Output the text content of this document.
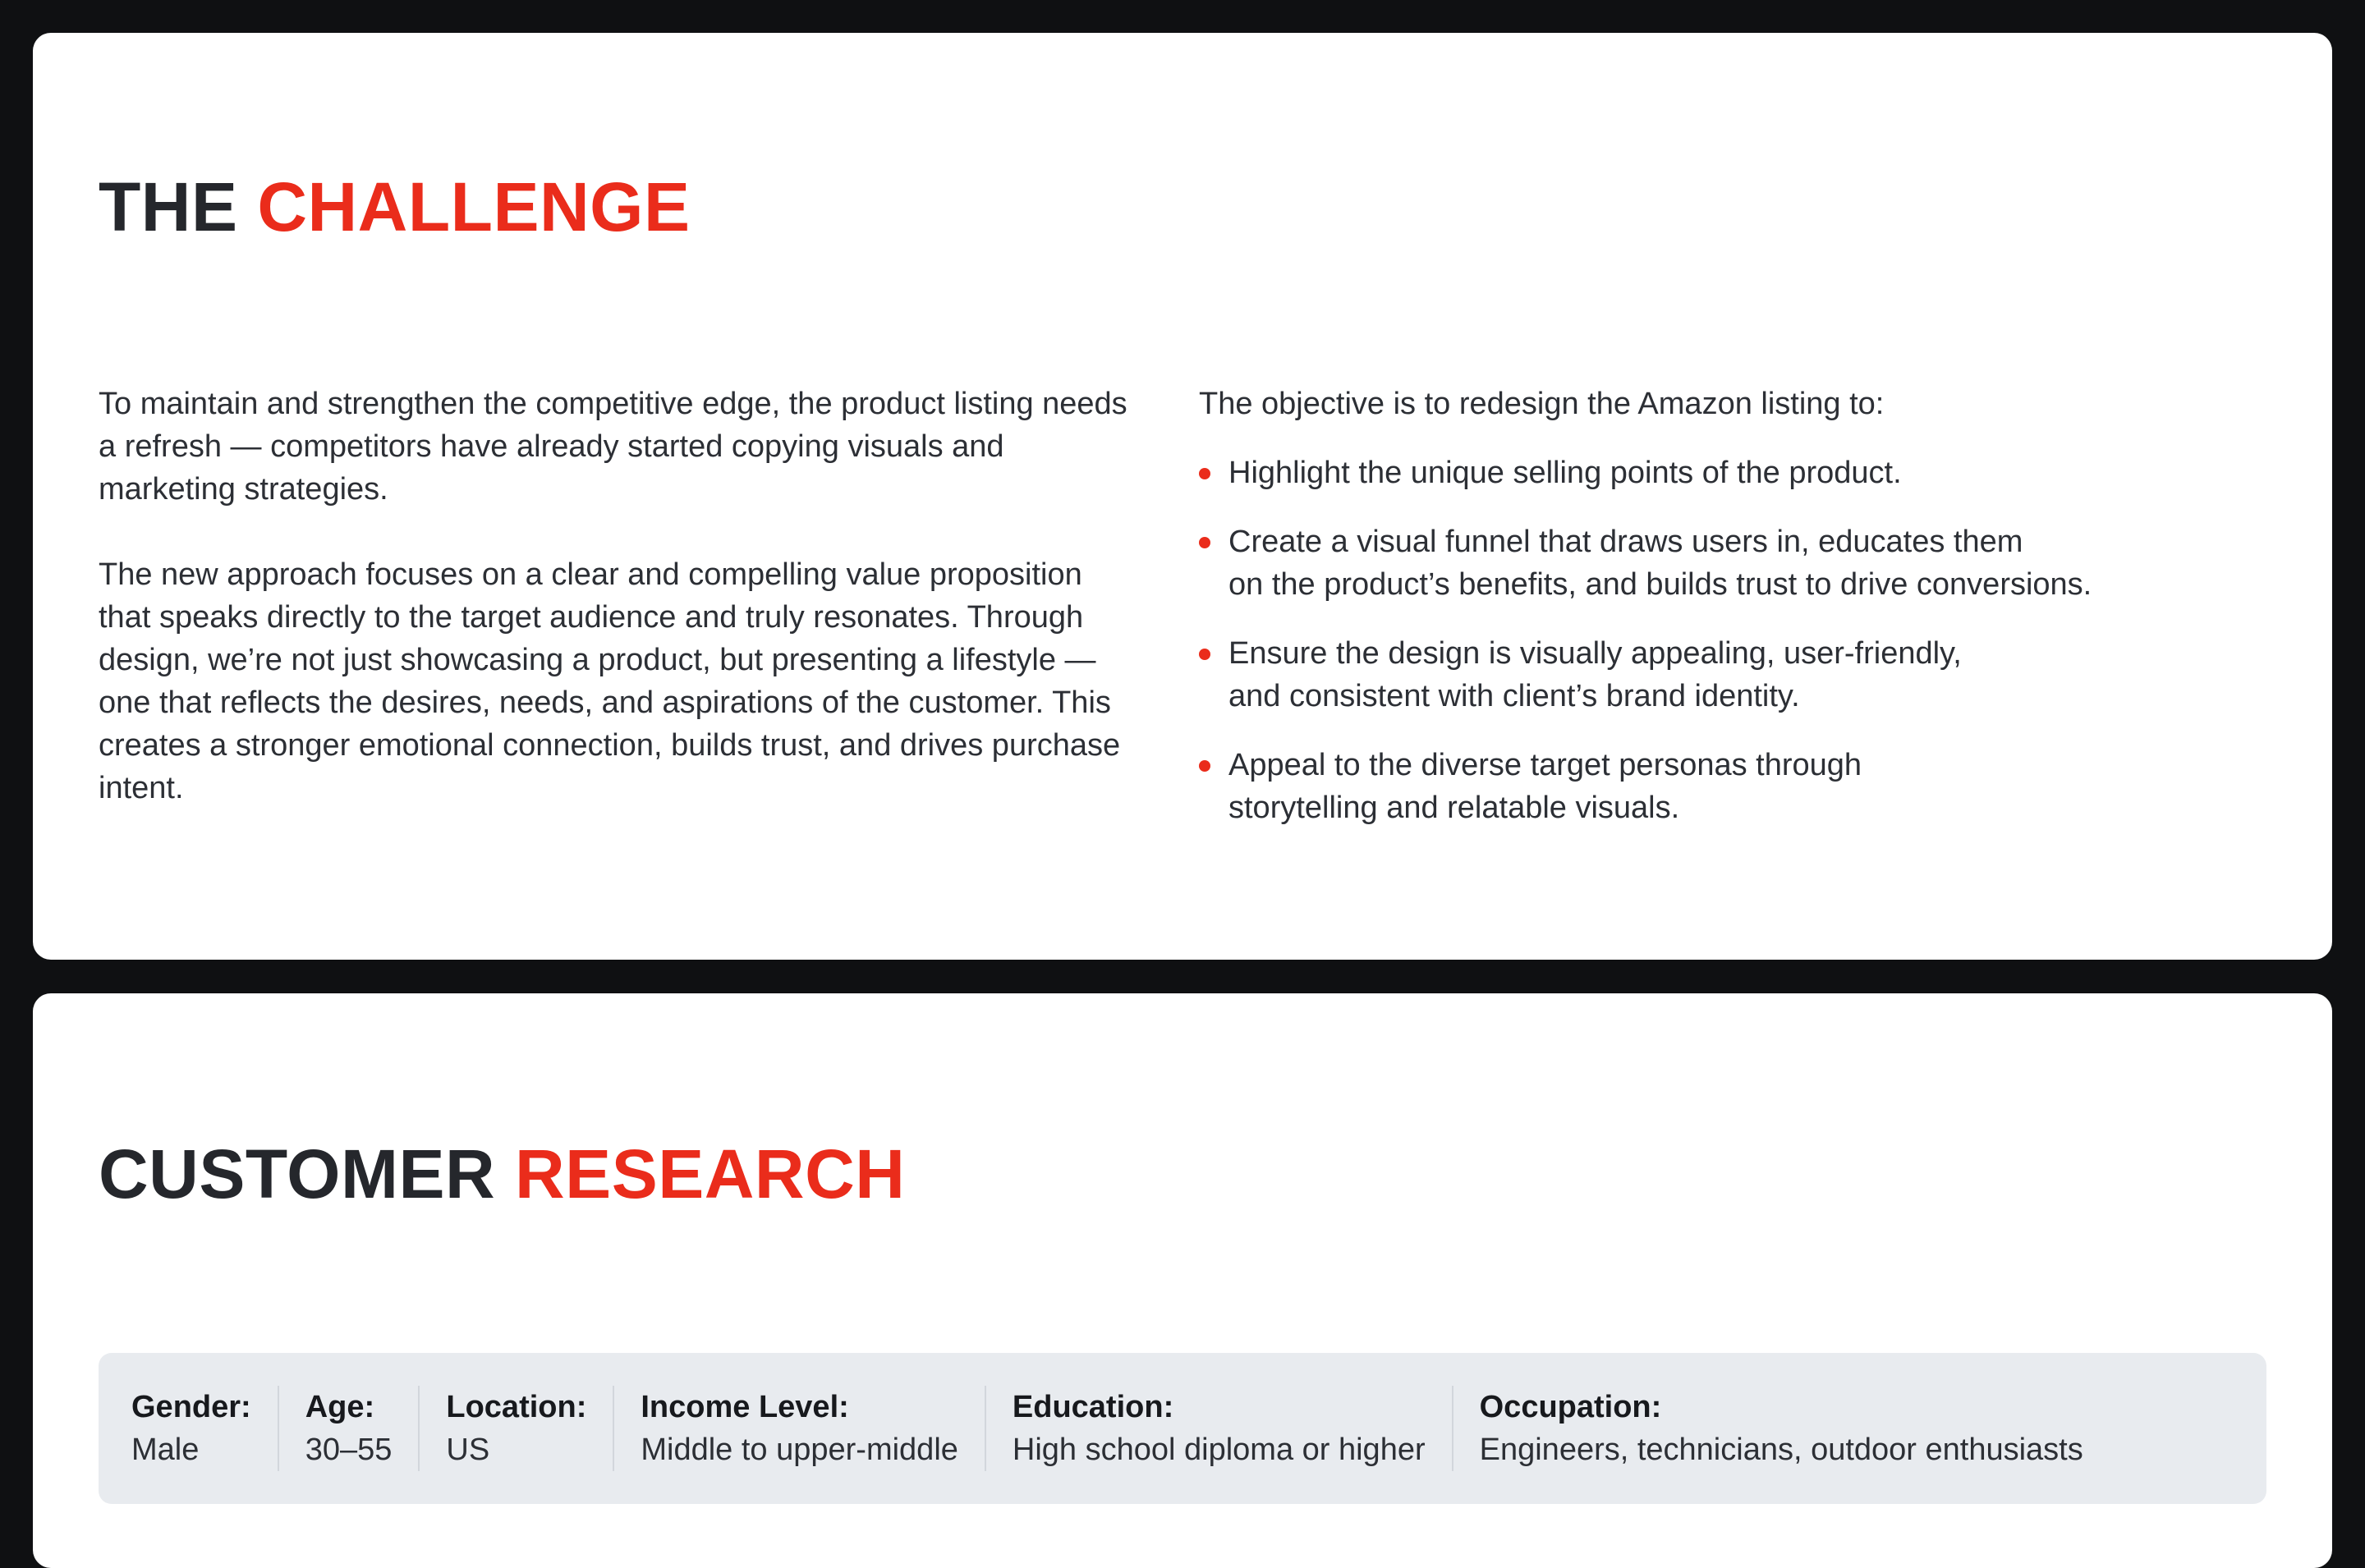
THE CHALLENGE

To maintain and strengthen the competitive edge, the product listing needs a refresh — competitors have already started copying visuals and marketing strategies.

The new approach focuses on a clear and compelling value proposition that speaks directly to the target audience and truly resonates. Through design, we’re not just showcasing a product, but presenting a lifestyle — one that reflects the desires, needs, and aspirations of the customer. This creates a stronger emotional connection, builds trust, and drives purchase intent.

The objective is to redesign the Amazon listing to:

Highlight the unique selling points of the product.
Create a visual funnel that draws users in, educates them
on the product’s benefits, and builds trust to drive conversions.
Ensure the design is visually appealing, user-friendly,
and consistent with client’s brand identity.
Appeal to the diverse target personas through
storytelling and relatable visuals.
CUSTOMER RESEARCH
Gender:
Male
Age:
30–55
Location:
US
Income Level:
Middle to upper-middle
Education:
High school diploma or higher
Occupation:
Engineers, technicians, outdoor enthusiasts
